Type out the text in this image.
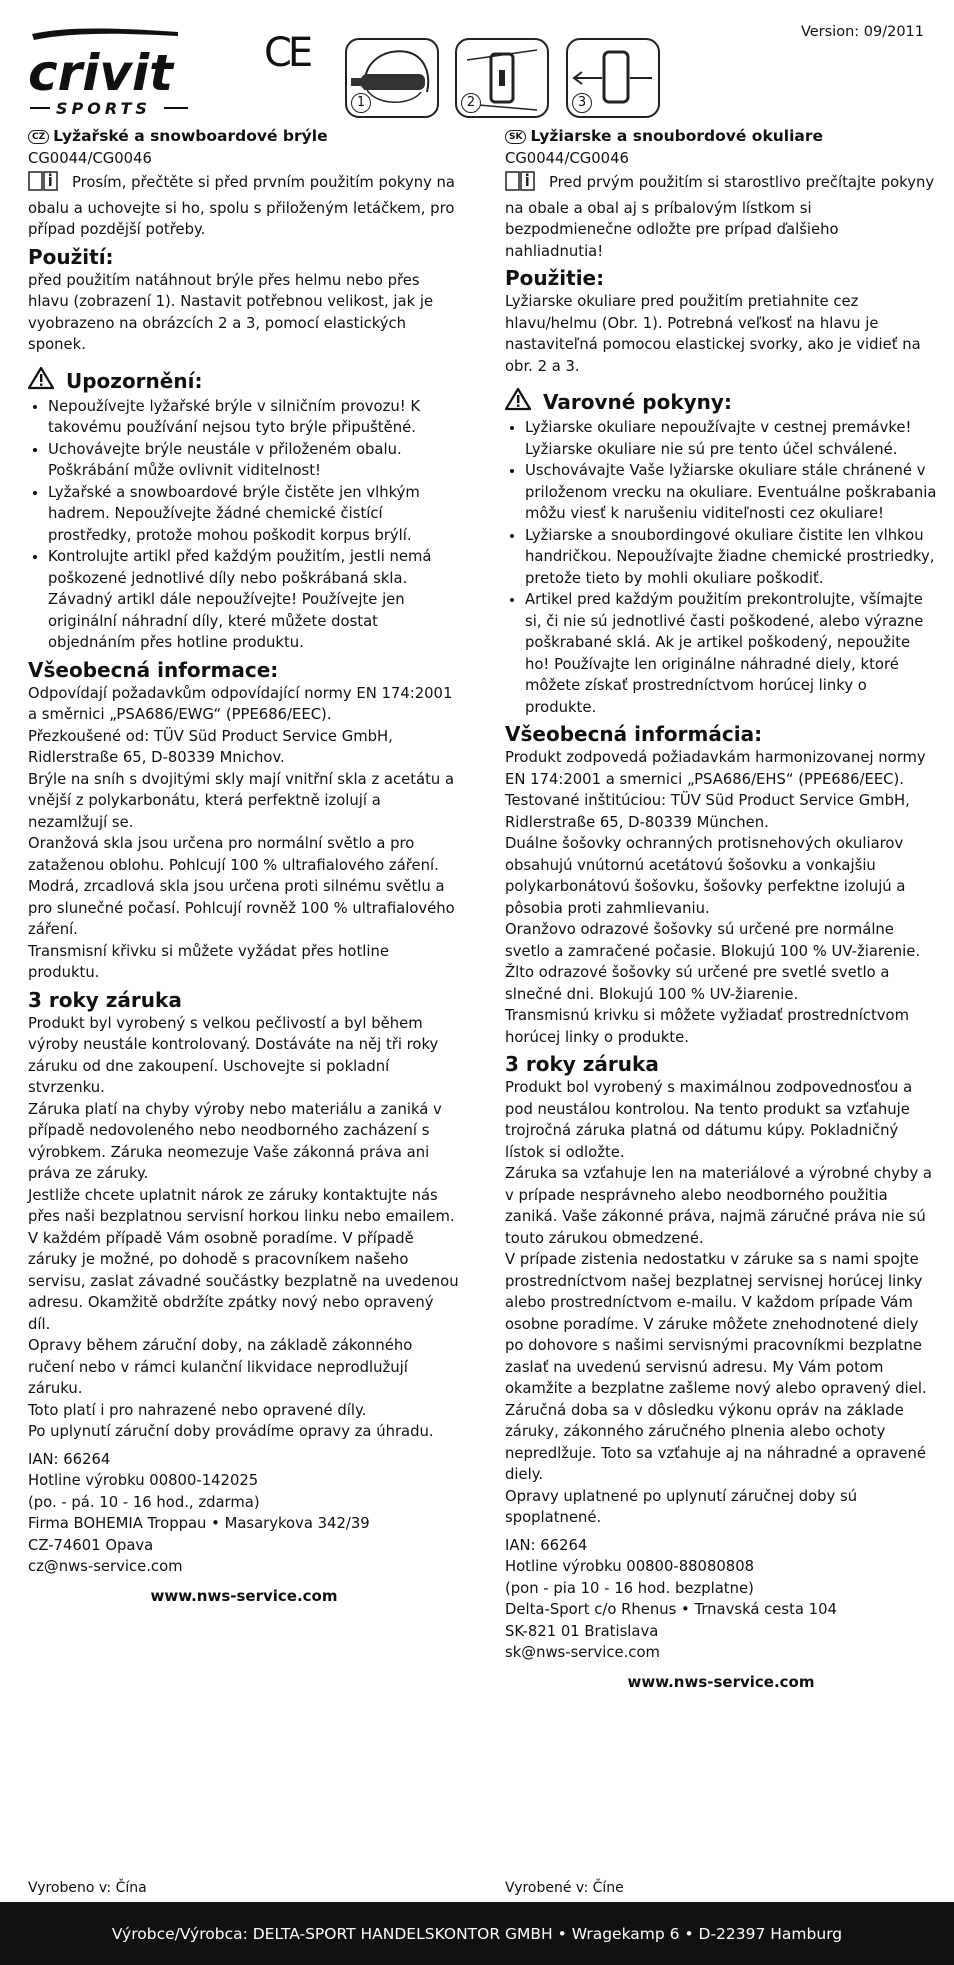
crivit
SPORTS
CE
1	2	3
Version: 09/2011
CZ Lyžařské a snowboardové brýle

CG0044/CG0046

Prosím, přečtěte si před prvním použitím pokyny na obalu a uchovejte si ho, spolu s přiloženým letáčkem, pro případ pozdější potřeby.

Použití:

před použitím natáhnout brýle přes helmu nebo přes hlavu (zobrazení 1). Nastavit potřebnou velikost, jak je vyobrazeno na obrázcích 2 a 3, pomocí elastických sponek.

Upozornění:
• Nepoužívejte lyžařské brýle v silničním provozu! K takovému používání nejsou tyto brýle připuštěné.
• Uchovávejte brýle neustále v přiloženém obalu. Poškrábání může ovlivnit viditelnost!
• Lyžařské a snowboardové brýle čistěte jen vlhkým hadrem. Nepoužívejte žádné chemické čistící prostředky, protože mohou poškodit korpus brýlí.
• Kontrolujte artikl před každým použitím, jestli nemá poškozené jednotlivé díly nebo poškrábaná skla. Závadný artikl dále nepoužívejte! Používejte jen originální náhradní díly, které můžete dostat objednáním přes hotline produktu.
Všeobecná informace:

Odpovídají požadavkům odpovídající normy EN 174:2001 a směrnici „PSA686/EWG“ (PPE686/EEC).

Přezkoušené od: TÜV Süd Product Service GmbH, Ridlerstraße 65, D-80339 Mnichov.

Brýle na sníh s dvojitými skly mají vnitřní skla z acetátu a vnější z polykarbonátu, která perfektně izolují a nezamlžují se.

Oranžová skla jsou určena pro normální světlo a pro zataženou oblohu. Pohlcují 100 % ultrafialového záření.

Modrá, zrcadlová skla jsou určena proti silnému světlu a pro slunečné počasí. Pohlcují rovněž 100 % ultrafialového záření.

Transmisní křivku si můžete vyžádat přes hotline produktu.

3 roky záruka

Produkt byl vyrobený s velkou pečlivostí a byl během výroby neustále kontrolovaný. Dostáváte na něj tři roky záruku od dne zakoupení. Uschovejte si pokladní stvrzenku.

Záruka platí na chyby výroby nebo materiálu a zaniká v případě nedovoleného nebo neodborného zacházení s výrobkem. Záruka neomezuje Vaše zákonná práva ani práva ze záruky.

Jestliže chcete uplatnit nárok ze záruky kontaktujte nás přes naši bezplatnou servisní horkou linku nebo emailem.

V každém případě Vám osobně poradíme. V případě záruky je možné, po dohodě s pracovníkem našeho servisu, zaslat závadné součástky bezplatně na uvedenou adresu. Okamžitě obdržíte zpátky nový nebo opravený díl.

Opravy během záruční doby, na základě zákonného ručení nebo v rámci kulanční likvidace neprodlužují záruku.

Toto platí i pro nahrazené nebo opravené díly.

Po uplynutí záruční doby provádíme opravy za úhradu.

IAN: 66264

Hotline výrobku 00800-142025

(po. - pá. 10 - 16 hod., zdarma)

Firma BOHEMIA Troppau • Masarykova 342/39

CZ-74601 Opava

cz@nws-service.com

www.nws-service.com
SK Lyžiarske a snoubordové okuliare

CG0044/CG0046

Pred prvým použitím si starostlivo prečítajte pokyny na obale a obal aj s príbalovým lístkom si bezpodmienečne odložte pre prípad ďalšieho nahliadnutia!

Použitie:

Lyžiarske okuliare pred použitím pretiahnite cez hlavu/helmu (Obr. 1). Potrebná veľkosť na hlavu je nastaviteľná pomocou elastickej svorky, ako je vidieť na obr. 2 a 3.

Varovné pokyny:
• Lyžiarske okuliare nepoužívajte v cestnej premávke! Lyžiarske okuliare nie sú pre tento účel schválené.
• Uschovávajte Vaše lyžiarske okuliare stále chránené v priloženom vrecku na okuliare. Eventuálne poškrabania môžu viesť k narušeniu viditeľnosti cez okuliare!
• Lyžiarske a snoubordingové okuliare čistite len vlhkou handričkou. Nepoužívajte žiadne chemické prostriedky, pretože tieto by mohli okuliare poškodiť.
• Artikel pred každým použitím prekontrolujte, všímajte si, či nie sú jednotlivé časti poškodené, alebo výrazne poškrabané sklá. Ak je artikel poškodený, nepoužite ho! Používajte len originálne náhradné diely, ktoré môžete získať prostredníctvom horúcej linky o produkte.
Všeobecná informácia:

Produkt zodpovedá požiadavkám harmonizovanej normy EN 174:2001 a smernici „PSA686/EHS“ (PPE686/EEC).

Testované inštitúciou: TÜV Süd Product Service GmbH, Ridlerstraße 65, D-80339 München.

Duálne šošovky ochranných protisnehových okuliarov obsahujú vnútornú acetátovú šošovku a vonkajšiu polykarbonátovú šošovku, šošovky perfektne izolujú a pôsobia proti zahmlievaniu.

Oranžovo odrazové šošovky sú určené pre normálne svetlo a zamračené počasie. Blokujú 100 % UV-žiarenie.

Žlto odrazové šošovky sú určené pre svetlé svetlo a slnečné dni. Blokujú 100 % UV-žiarenie.

Transmisnú krivku si môžete vyžiadať prostredníctvom horúcej linky o produkte.

3 roky záruka

Produkt bol vyrobený s maximálnou zodpovednosťou a pod neustálou kontrolou. Na tento produkt sa vzťahuje trojročná záruka platná od dátumu kúpy. Pokladničný lístok si odložte.

Záruka sa vzťahuje len na materiálové a výrobné chyby a v prípade nesprávneho alebo neodborného použitia zaniká. Vaše zákonné práva, najmä záručné práva nie sú touto zárukou obmedzené.

V prípade zistenia nedostatku v záruke sa s nami spojte prostredníctvom našej bezplatnej servisnej horúcej linky alebo prostredníctvom e-mailu. V každom prípade Vám osobne poradíme. V záruke môžete znehodnotené diely po dohovore s našimi servisnými pracovníkmi bezplatne zaslať na uvedenú servisnú adresu. My Vám potom okamžite a bezplatne zašleme nový alebo opravený diel.

Záručná doba sa v dôsledku výkonu opráv na základe záruky, zákonného záručného plnenia alebo ochoty nepredlžuje. Toto sa vzťahuje aj na náhradné a opravené diely.

Opravy uplatnené po uplynutí záručnej doby sú spoplatnené.

IAN: 66264

Hotline výrobku 00800-88080808

(pon - pia 10 - 16 hod. bezplatne)

Delta-Sport c/o Rhenus • Trnavská cesta 104

SK-821 01 Bratislava

sk@nws-service.com

www.nws-service.com
Vyrobeno v: Čína	Vyrobené v: Číne
Výrobce/Výrobca: DELTA-SPORT HANDELSKONTOR GMBH • Wragekamp 6 • D-22397 Hamburg
